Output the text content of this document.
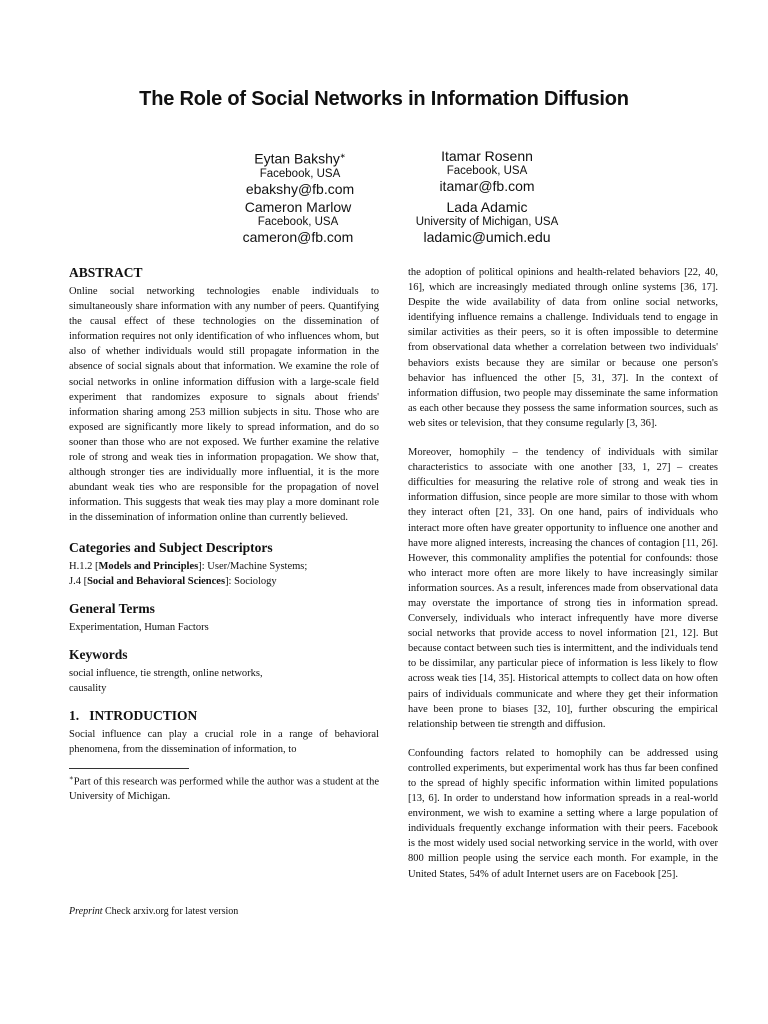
The Role of Social Networks in Information Diffusion
Eytan Bakshy∗
Facebook, USA
ebakshy@fb.com
Itamar Rosenn
Facebook, USA
itamar@fb.com
Cameron Marlow
Facebook, USA
cameron@fb.com
Lada Adamic
University of Michigan, USA
ladamic@umich.edu
ABSTRACT

Online social networking technologies enable individuals to simultaneously share information with any number of peers. Quantifying the causal effect of these technologies on the dissemination of information requires not only identification of who influences whom, but also of whether individuals would still propagate information in the absence of social signals about that information. We examine the role of social networks in online information diffusion with a large-scale field experiment that randomizes exposure to signals about friends' information sharing among 253 million subjects in situ. Those who are exposed are significantly more likely to spread information, and do so sooner than those who are not exposed. We further examine the relative role of strong and weak ties in information propagation. We show that, although stronger ties are individually more influential, it is the more abundant weak ties who are responsible for the propagation of novel information. This suggests that weak ties may play a more dominant role in the dissemination of information online than currently believed.

Categories and Subject Descriptors
H.1.2 [Models and Principles]: User/Machine Systems;
J.4 [Social and Behavioral Sciences]: Sociology
General Terms
Experimentation, Human Factors
Keywords
social influence, tie strength, online networks,
causality
1.   INTRODUCTION

Social influence can play a crucial role in a range of behavioral phenomena, from the dissemination of information, to

∗Part of this research was performed while the author was a student at the University of Michigan.
Preprint Check arxiv.org for latest version

the adoption of political opinions and health-related behaviors [22, 40, 16], which are increasingly mediated through online systems [36, 17]. Despite the wide availability of data from online social networks, identifying influence remains a challenge. Individuals tend to engage in similar activities as their peers, so it is often impossible to determine from observational data whether a correlation between two individuals' behaviors exists because they are similar or because one person's behavior has influenced the other [5, 31, 37]. In the context of information diffusion, two people may disseminate the same information as each other because they possess the same information sources, such as web sites or television, that they consume regularly [3, 36].

Moreover, homophily – the tendency of individuals with similar characteristics to associate with one another [33, 1, 27] – creates difficulties for measuring the relative role of strong and weak ties in information diffusion, since people are more similar to those with whom they interact often [21, 33]. On one hand, pairs of individuals who interact more often have greater opportunity to influence one another and have more aligned interests, increasing the chances of contagion [11, 26]. However, this commonality amplifies the potential for confounds: those who interact more often are more likely to have increasingly similar information sources. As a result, inferences made from observational data may overstate the importance of strong ties in information spread. Conversely, individuals who interact infrequently have more diverse social networks that provide access to novel information [21, 12]. But because contact between such ties is intermittent, and the individuals tend to be dissimilar, any particular piece of information is less likely to flow across weak ties [14, 35]. Historical attempts to collect data on how often pairs of individuals communicate and where they get their information have been prone to biases [32, 10], further obscuring the empirical relationship between tie strength and diffusion.

Confounding factors related to homophily can be addressed using controlled experiments, but experimental work has thus far been confined to the spread of highly specific information within limited populations [13, 6]. In order to understand how information spreads in a real-world environment, we wish to examine a setting where a large population of individuals frequently exchange information with their peers. Facebook is the most widely used social networking service in the world, with over 800 million people using the service each month. For example, in the United States, 54% of adult Internet users are on Facebook [25].
